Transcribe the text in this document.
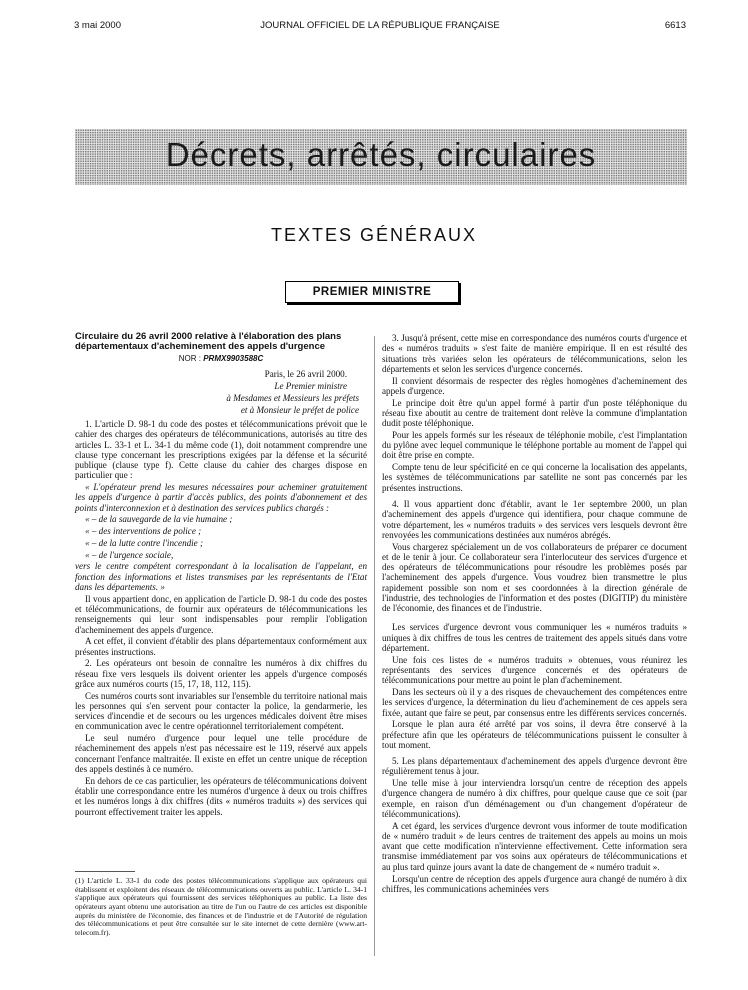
3 mai 2000	JOURNAL OFFICIEL DE LA RÉPUBLIQUE FRANÇAISE	6613
Décrets, arrêtés, circulaires
TEXTES GÉNÉRAUX
PREMIER MINISTRE

Circulaire du 26 avril 2000 relative à l'élaboration des plans départementaux d'acheminement des appels d'urgence

NOR : PRMX9903588C

Paris, le 26 avril 2000.

Le Premier ministre

à Mesdames et Messieurs les préfets

et à Monsieur le préfet de police

1. L'article D. 98-1 du code des postes et télécommunications prévoit que le cahier des charges des opérateurs de télécommunications, autorisés au titre des articles L. 33-1 et L. 34-1 du même code (1), doit notamment comprendre une clause type concernant les prescriptions exigées par la défense et la sécurité publique (clause type f). Cette clause du cahier des charges dispose en particulier que :

« L'opérateur prend les mesures nécessaires pour acheminer gratuitement les appels d'urgence à partir d'accès publics, des points d'abonnement et des points d'interconnexion et à destination des services publics chargés :

« – de la sauvegarde de la vie humaine ;

« – des interventions de police ;

« – de la lutte contre l'incendie ;

« – de l'urgence sociale,

vers le centre compétent correspondant à la localisation de l'appelant, en fonction des informations et listes transmises par les représentants de l'Etat dans les départements. »

Il vous appartient donc, en application de l'article D. 98-1 du code des postes et télécommunications, de fournir aux opérateurs de télécommunications les renseignements qui leur sont indispensables pour remplir l'obligation d'acheminement des appels d'urgence.

A cet effet, il convient d'établir des plans départementaux conformément aux présentes instructions.

2. Les opérateurs ont besoin de connaître les numéros à dix chiffres du réseau fixe vers lesquels ils doivent orienter les appels d'urgence composés grâce aux numéros courts (15, 17, 18, 112, 115).

Ces numéros courts sont invariables sur l'ensemble du territoire national mais les personnes qui s'en servent pour contacter la police, la gendarmerie, les services d'incendie et de secours ou les urgences médicales doivent être mises en communication avec le centre opérationnel territorialement compétent.

Le seul numéro d'urgence pour lequel une telle procédure de réacheminement des appels n'est pas nécessaire est le 119, réservé aux appels concernant l'enfance maltraitée. Il existe en effet un centre unique de réception des appels destinés à ce numéro.

En dehors de ce cas particulier, les opérateurs de télécommunications doivent établir une correspondance entre les numéros d'urgence à deux ou trois chiffres et les numéros longs à dix chiffres (dits « numéros traduits ») des services qui pourront effectivement traiter les appels.

(1) L'article L. 33-1 du code des postes télécommunications s'applique aux opérateurs qui établissent et exploitent des réseaux de télécommunications ouverts au public. L'article L. 34-1 s'applique aux opérateurs qui fournissent des services téléphoniques au public. La liste des opérateurs ayant obtenu une autorisation au titre de l'un ou l'autre de ces articles est disponible auprès du ministère de l'économie, des finances et de l'industrie et de l'Autorité de régulation des télécommunications et peut être consultée sur le site internet de cette dernière (www.art-telecom.fr).

3. Jusqu'à présent, cette mise en correspondance des numéros courts d'urgence et des « numéros traduits » s'est faite de manière empirique. Il en est résulté des situations très variées selon les opérateurs de télécommunications, selon les départements et selon les services d'urgence concernés.

Il convient désormais de respecter des règles homogènes d'acheminement des appels d'urgence.

Le principe doit être qu'un appel formé à partir d'un poste téléphonique du réseau fixe aboutit au centre de traitement dont relève la commune d'implantation dudit poste téléphonique.

Pour les appels formés sur les réseaux de téléphonie mobile, c'est l'implantation du pylône avec lequel communique le téléphone portable au moment de l'appel qui doit être prise en compte.

Compte tenu de leur spécificité en ce qui concerne la localisation des appelants, les systèmes de télécommunications par satellite ne sont pas concernés par les présentes instructions.

4. Il vous appartient donc d'établir, avant le 1er septembre 2000, un plan d'acheminement des appels d'urgence qui identifiera, pour chaque commune de votre département, les « numéros traduits » des services vers lesquels devront être renvoyées les communications destinées aux numéros abrégés.

Vous chargerez spécialement un de vos collaborateurs de préparer ce document et de le tenir à jour. Ce collaborateur sera l'interlocuteur des services d'urgence et des opérateurs de télécommunications pour résoudre les problèmes posés par l'acheminement des appels d'urgence. Vous voudrez bien transmettre le plus rapidement possible son nom et ses coordonnées à la direction générale de l'industrie, des technologies de l'information et des postes (DIGITIP) du ministère de l'économie, des finances et de l'industrie.

Les services d'urgence devront vous communiquer les « numéros traduits » uniques à dix chiffres de tous les centres de traitement des appels situés dans votre département.

Une fois ces listes de « numéros traduits » obtenues, vous réunirez les représentants des services d'urgence concernés et des opérateurs de télécommunications pour mettre au point le plan d'acheminement.

Dans les secteurs où il y a des risques de chevauchement des compétences entre les services d'urgence, la détermination du lieu d'acheminement de ces appels sera fixée, autant que faire se peut, par consensus entre les différents services concernés.

Lorsque le plan aura été arrêté par vos soins, il devra être conservé à la préfecture afin que les opérateurs de télécommunications puissent le consulter à tout moment.

5. Les plans départementaux d'acheminement des appels d'urgence devront être régulièrement tenus à jour.

Une telle mise à jour interviendra lorsqu'un centre de réception des appels d'urgence changera de numéro à dix chiffres, pour quelque cause que ce soit (par exemple, en raison d'un déménagement ou d'un changement d'opérateur de télécommunications).

A cet égard, les services d'urgence devront vous informer de toute modification de « numéro traduit » de leurs centres de traitement des appels au moins un mois avant que cette modification n'intervienne effectivement. Cette information sera transmise immédiatement par vos soins aux opérateurs de télécommunications et au plus tard quinze jours avant la date de changement de « numéro traduit ».

Lorsqu'un centre de réception des appels d'urgence aura changé de numéro à dix chiffres, les communications acheminées vers
